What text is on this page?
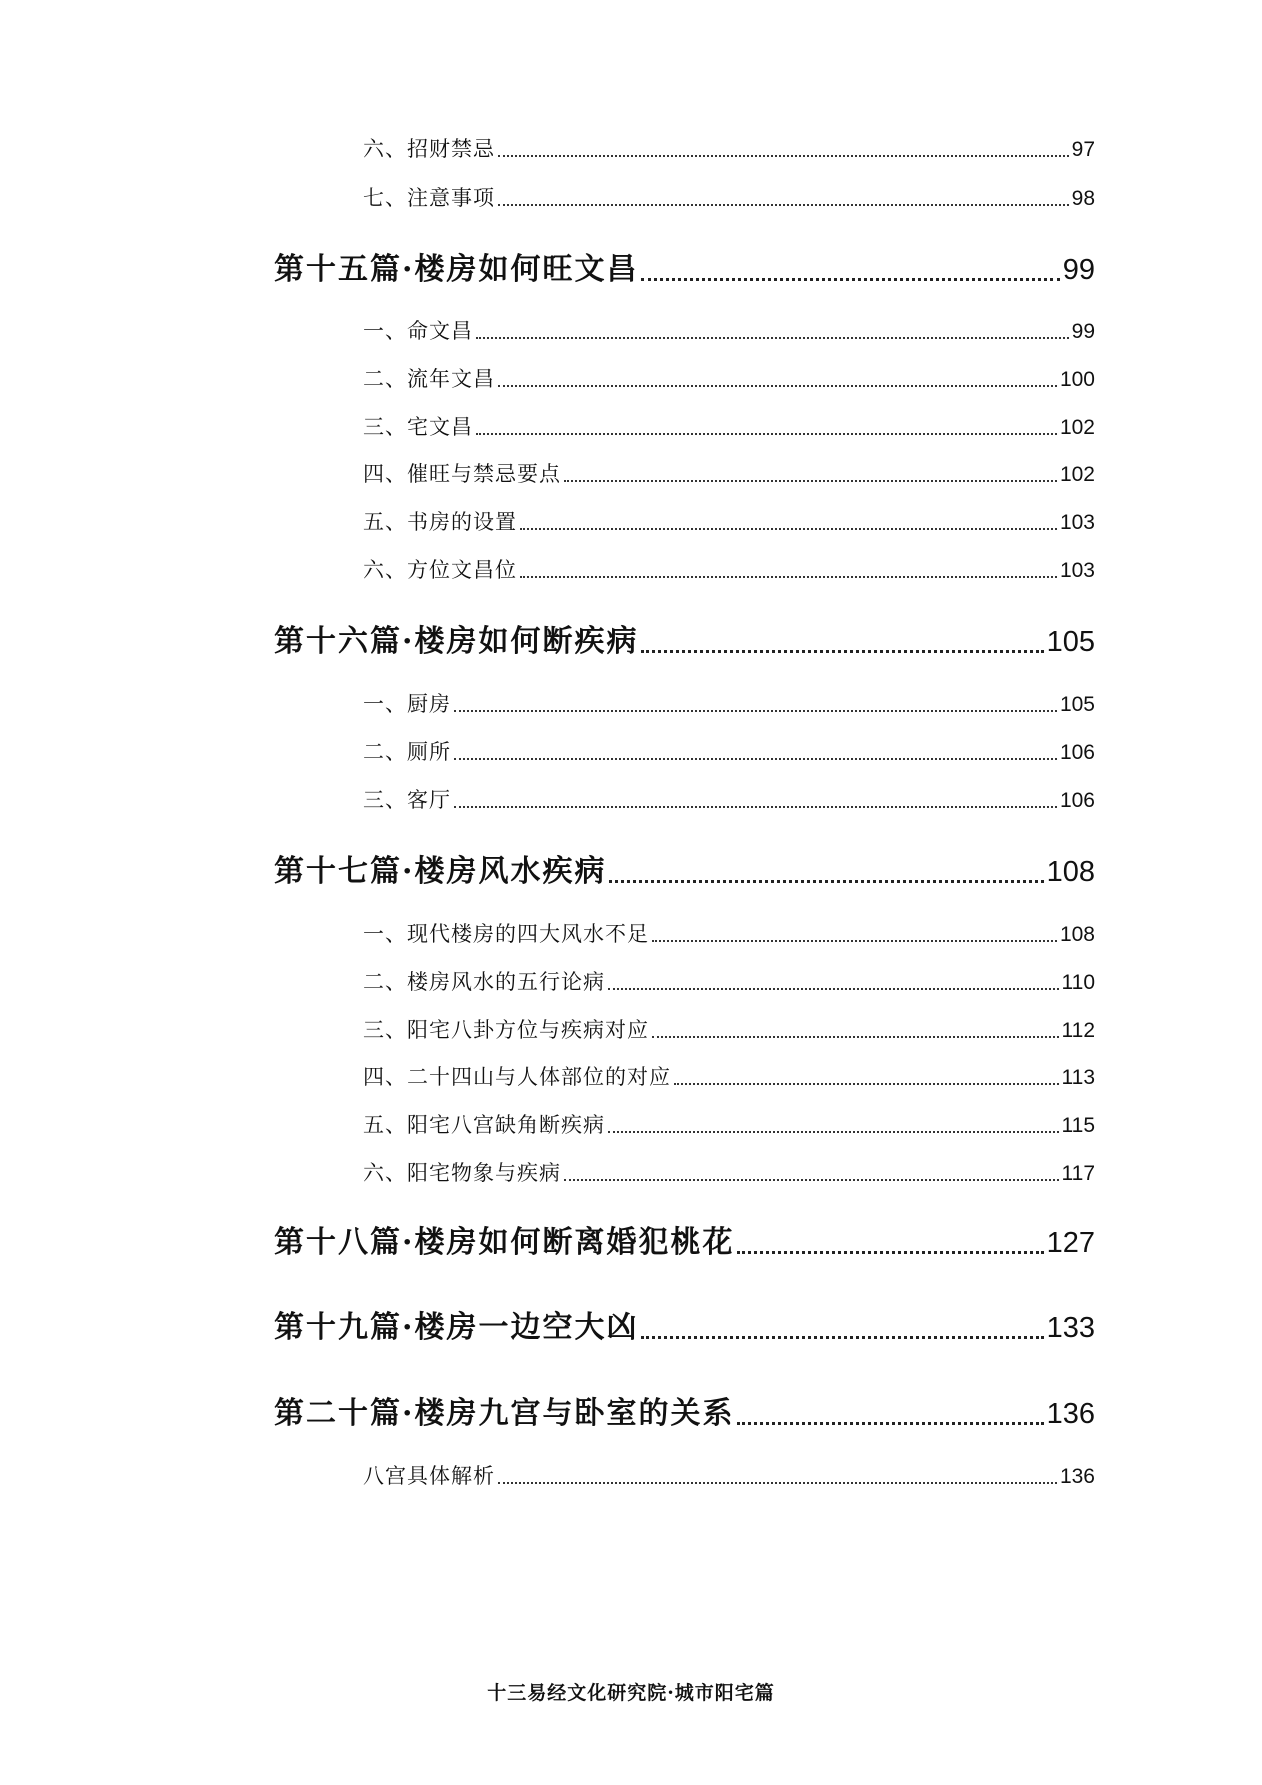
六、招财禁忌	97
七、注意事项	98
第十五篇·楼房如何旺文昌	99
一、命文昌	99
二、流年文昌	100
三、宅文昌	102
四、催旺与禁忌要点	102
五、书房的设置	103
六、方位文昌位	103
第十六篇·楼房如何断疾病	105
一、厨房	105
二、厕所	106
三、客厅	106
第十七篇·楼房风水疾病	108
一、现代楼房的四大风水不足	108
二、楼房风水的五行论病	110
三、阳宅八卦方位与疾病对应	112
四、二十四山与人体部位的对应	113
五、阳宅八宫缺角断疾病	115
六、阳宅物象与疾病	117
第十八篇·楼房如何断离婚犯桃花	127
第十九篇·楼房一边空大凶	133
第二十篇·楼房九宫与卧室的关系	136
八宫具体解析	136
十三易经文化研究院·城市阳宅篇
